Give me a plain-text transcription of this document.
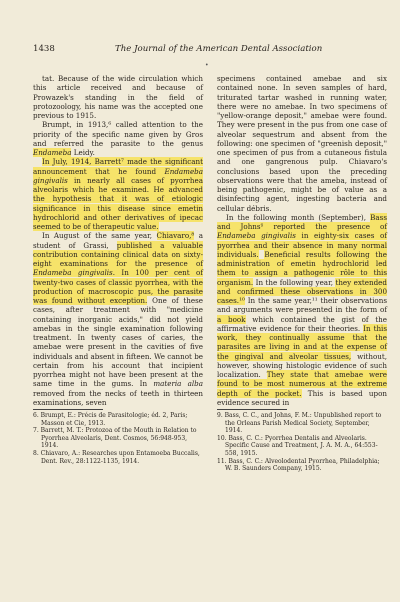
1438	The Journal of the American Dental Association
•

tat. Because of the wide circulation which this article received and because of Prowazek's standing in the field of protozoology, his name was the accepted one previous to 1915.

Brumpt, in 1913,⁶ called attention to the priority of the specific name given by Gros and referred the parasite to the genus Endameba Leidy.

In July, 1914, Barrett⁷ made the significant announcement that he found Endameba gingivalis in nearly all cases of pyorrhea alveolaris which he examined. He advanced the hypothesis that it was of etiologic significance in this disease since emetin hydrochlorid and other derivatives of ipecac seemed to be of therapeutic value.

In August of the same year, Chiavaro,⁸ a student of Grassi, published a valuable contribution containing clinical data on sixty-eight examinations for the presence of Endameba gingivalis. In 100 per cent of twenty-two cases of classic pyorrhea, with the production of macroscopic pus, the parasite was found without exception. One of these cases, after treatment with "medicine containing inorganic acids," did not yield amebas in the single examination following treatment. In twenty cases of caries, the amebae were present in the cavities of five individuals and absent in fifteen. We cannot be certain from his account that incipient pyorrhea might not have been present at the same time in the gums. In materia alba removed from the necks of teeth in thirteen examinations, seven

6. Brumpt, E.: Précis de Parasitologie; éd. 2, Paris; Masson et Cie, 1913.

7. Barrett, M. T.: Protozoa of the Mouth in Relation to Pyorrhea Alveolaris, Dent. Cosmos, 56:948-953, 1914.

8. Chiavaro, A.: Researches upon Entamoeba Buccalis, Dent. Rev., 28:1122-1135, 1914.

specimens contained amebae and six contained none. In seven samples of hard, triturated tartar washed in running water, there were no amebae. In two specimens of "yellow-orange deposit," amebae were found. They were present in the pus from one case of alveolar sequestrum and absent from the following: one specimen of "greenish deposit," one specimen of pus from a cutaneous fistula and one gangrenous pulp. Chiavaro's conclusions based upon the preceding observations were that the ameba, instead of being pathogenic, might be of value as a disinfecting agent, ingesting bacteria and cellular débris.

In the following month (September), Bass and Johns⁹ reported the presence of Endameba gingivalis in eighty-six cases of pyorrhea and their absence in many normal individuals. Beneficial results following the administration of emetin hydrochlorid led them to assign a pathogenic rôle to this organism. In the following year, they extended and confirmed these observations in 300 cases.¹⁰ In the same year,¹¹ their observations and arguments were presented in the form of a book which contained the gist of the affirmative evidence for their theories. In this work, they continually assume that the parasites are living in and at the expense of the gingival and alveolar tissues, without, however, showing histologic evidence of such localization. They state that amebae were found to be most numerous at the extreme depth of the pocket. This is based upon evidence secured in

9. Bass, C. C., and Johns, F. M.: Unpublished report to the Orleans Parish Medical Society, September, 1914.

10. Bass, C. C.: Pyorrhea Dentalis and Alveolaris. Specific Cause and Treatment, J. A. M. A., 64:553-558, 1915.

11. Bass, C. C.: Alveolodental Pyorrhea, Philadelphia; W. B. Saunders Company, 1915.
